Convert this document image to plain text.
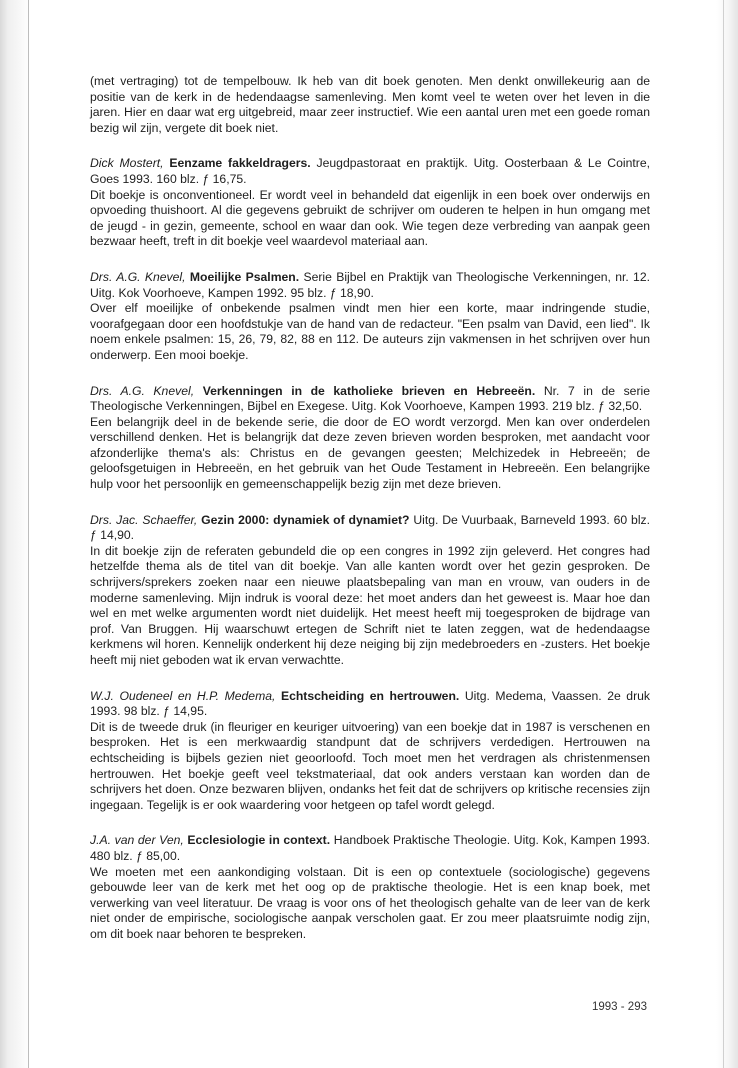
(met vertraging) tot de tempelbouw. Ik heb van dit boek genoten. Men denkt onwillekeurig aan de positie van de kerk in de hedendaagse samenleving. Men komt veel te weten over het leven in die jaren. Hier en daar wat erg uitgebreid, maar zeer instructief. Wie een aantal uren met een goede roman bezig wil zijn, vergete dit boek niet.

Dick Mostert, Eenzame fakkeldragers. Jeugdpastoraat en praktijk. Uitg. Oosterbaan & Le Cointre, Goes 1993. 160 blz. ƒ 16,75.

Dit boekje is onconventioneel. Er wordt veel in behandeld dat eigenlijk in een boek over onderwijs en opvoeding thuishoort. Al die gegevens gebruikt de schrijver om ouderen te helpen in hun omgang met de jeugd - in gezin, gemeente, school en waar dan ook. Wie tegen deze verbreding van aanpak geen bezwaar heeft, treft in dit boekje veel waardevol materiaal aan.

Drs. A.G. Knevel, Moeilijke Psalmen. Serie Bijbel en Praktijk van Theologische Verkenningen, nr. 12. Uitg. Kok Voorhoeve, Kampen 1992. 95 blz. ƒ 18,90.

Over elf moeilijke of onbekende psalmen vindt men hier een korte, maar indringende studie, voorafgegaan door een hoofdstukje van de hand van de redacteur. "Een psalm van David, een lied". Ik noem enkele psalmen: 15, 26, 79, 82, 88 en 112. De auteurs zijn vakmensen in het schrijven over hun onderwerp. Een mooi boekje.

Drs. A.G. Knevel, Verkenningen in de katholieke brieven en Hebreeën. Nr. 7 in de serie Theologische Verkenningen, Bijbel en Exegese. Uitg. Kok Voorhoeve, Kampen 1993. 219 blz. ƒ 32,50.

Een belangrijk deel in de bekende serie, die door de EO wordt verzorgd. Men kan over onderdelen verschillend denken. Het is belangrijk dat deze zeven brieven worden besproken, met aandacht voor afzonderlijke thema's als: Christus en de gevangen geesten; Melchizedek in Hebreeën; de geloofsgetuigen in Hebreeën, en het gebruik van het Oude Testament in Hebreeën. Een belangrijke hulp voor het persoonlijk en gemeenschappelijk bezig zijn met deze brieven.

Drs. Jac. Schaeffer, Gezin 2000: dynamiek of dynamiet? Uitg. De Vuurbaak, Barneveld 1993. 60 blz. ƒ 14,90.

In dit boekje zijn de referaten gebundeld die op een congres in 1992 zijn geleverd. Het congres had hetzelfde thema als de titel van dit boekje. Van alle kanten wordt over het gezin gesproken. De schrijvers/sprekers zoeken naar een nieuwe plaatsbepaling van man en vrouw, van ouders in de moderne samenleving. Mijn indruk is vooral deze: het moet anders dan het geweest is. Maar hoe dan wel en met welke argumenten wordt niet duidelijk. Het meest heeft mij toegesproken de bijdrage van prof. Van Bruggen. Hij waarschuwt ertegen de Schrift niet te laten zeggen, wat de hedendaagse kerkmens wil horen. Kennelijk onderkent hij deze neiging bij zijn medebroeders en -zusters. Het boekje heeft mij niet geboden wat ik ervan verwachtte.

W.J. Oudeneel en H.P. Medema, Echtscheiding en hertrouwen. Uitg. Medema, Vaassen. 2e druk 1993. 98 blz. ƒ 14,95.

Dit is de tweede druk (in fleuriger en keuriger uitvoering) van een boekje dat in 1987 is verschenen en besproken. Het is een merkwaardig standpunt dat de schrijvers verdedigen. Hertrouwen na echtscheiding is bijbels gezien niet geoorloofd. Toch moet men het verdragen als christenmensen hertrouwen. Het boekje geeft veel tekstmateriaal, dat ook anders verstaan kan worden dan de schrijvers het doen. Onze bezwaren blijven, ondanks het feit dat de schrijvers op kritische recensies zijn ingegaan. Tegelijk is er ook waardering voor hetgeen op tafel wordt gelegd.

J.A. van der Ven, Ecclesiologie in context. Handboek Praktische Theologie. Uitg. Kok, Kampen 1993. 480 blz. ƒ 85,00.

We moeten met een aankondiging volstaan. Dit is een op contextuele (sociologische) gegevens gebouwde leer van de kerk met het oog op de praktische theologie. Het is een knap boek, met verwerking van veel literatuur. De vraag is voor ons of het theologisch gehalte van de leer van de kerk niet onder de empirische, sociologische aanpak verscholen gaat. Er zou meer plaatsruimte nodig zijn, om dit boek naar behoren te bespreken.

1993 - 293
